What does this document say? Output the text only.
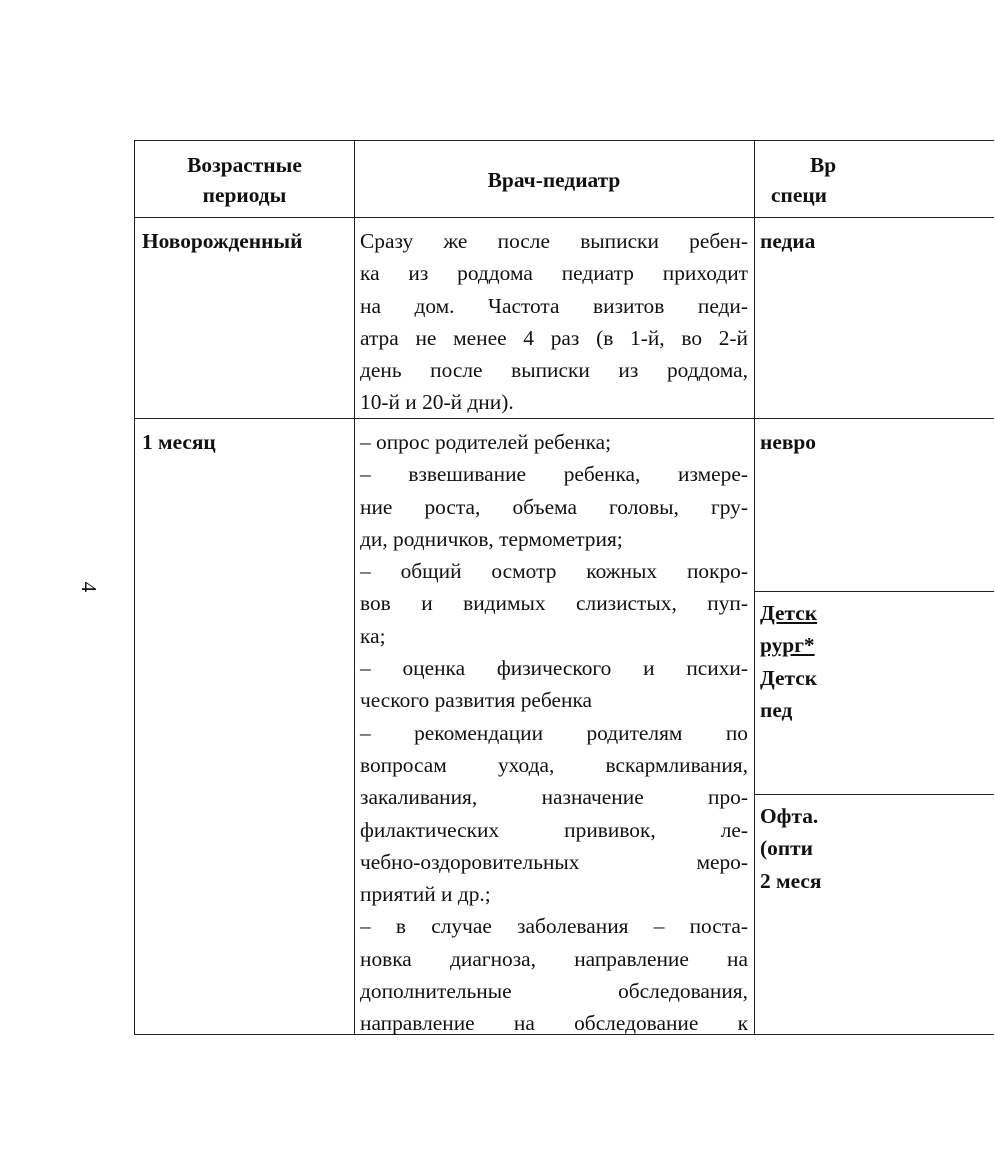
4
Возрастные
периоды
Врач-педиатр
Вр
специ
Новорожденный	Сразу же после выписки ребен-
ка из роддома педиатр приходит
на дом. Частота визитов педи-
атра не менее 4 раз (в 1-й, во 2-й
день после выписки из роддома,
10-й и 20-й дни).
педиа
1 месяц	– опрос родителей ребенка;
– взвешивание ребенка, измере-
ние роста, объема головы, гру-
ди, родничков, термометрия;
– общий осмотр кожных покро-
вов и видимых слизистых, пуп-
ка;
– оценка физического и психи-
ческого развития ребенка
– рекомендации родителям по
вопросам ухода, вскармливания,
закаливания, назначение про-
филактических прививок, ле-
чебно-оздоровительных меро-
приятий и др.;
– в случае заболевания – поста-
новка диагноза, направление на
дополнительные обследования,
направление на обследование к
невро
Детск
рург*
Детск
пед
Офта.
(опти
2 меся
